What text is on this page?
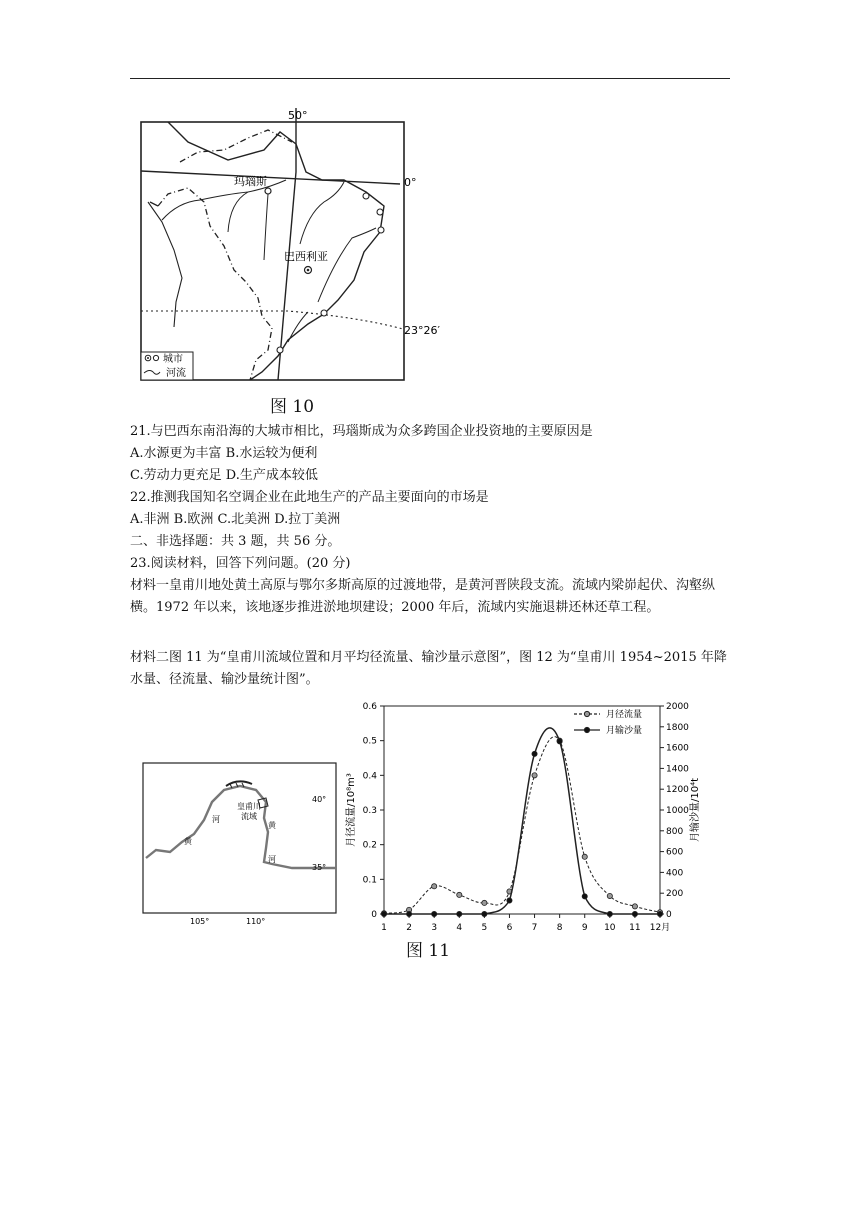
50°
0°
23°26′
玛瑙斯
巴西利亚
城市
河流
图 10
21.与巴西东南沿海的大城市相比，玛瑙斯成为众多跨国企业投资地的主要原因是
A.水源更为丰富 B.水运较为便利
C.劳动力更充足 D.生产成本较低
22.推测我国知名空调企业在此地生产的产品主要面向的市场是
A.非洲 B.欧洲 C.北美洲 D.拉丁美洲
二、非选择题：共 3 题，共 56 分。
23.阅读材料，回答下列问题。(20 分)
材料一皇甫川地处黄土高原与鄂尔多斯高原的过渡地带，是黄河晋陕段支流。流域内梁峁起伏、沟壑纵横。1972 年以来，该地逐步推进淤地坝建设；2000 年后，流域内实施退耕还林还草工程。
材料二图 11 为“皇甫川流域位置和月平均径流量、输沙量示意图”，图 12 为“皇甫川 1954~2015 年降水量、径流量、输沙量统计图”。
皇甫川
流域
河
黄
黄
河
40°
35°
105°	110°
0
0.1
0.2
0.3
0.4
0.5
0.6
0
200
400
600
800
1000
1200
1400
1600
1800
2000
1 2 3 4 5 6 7 8 9 10 11 12月
月径流量/10⁸m³	月输沙量/10⁴t
月径流量
月输沙量
图 11
